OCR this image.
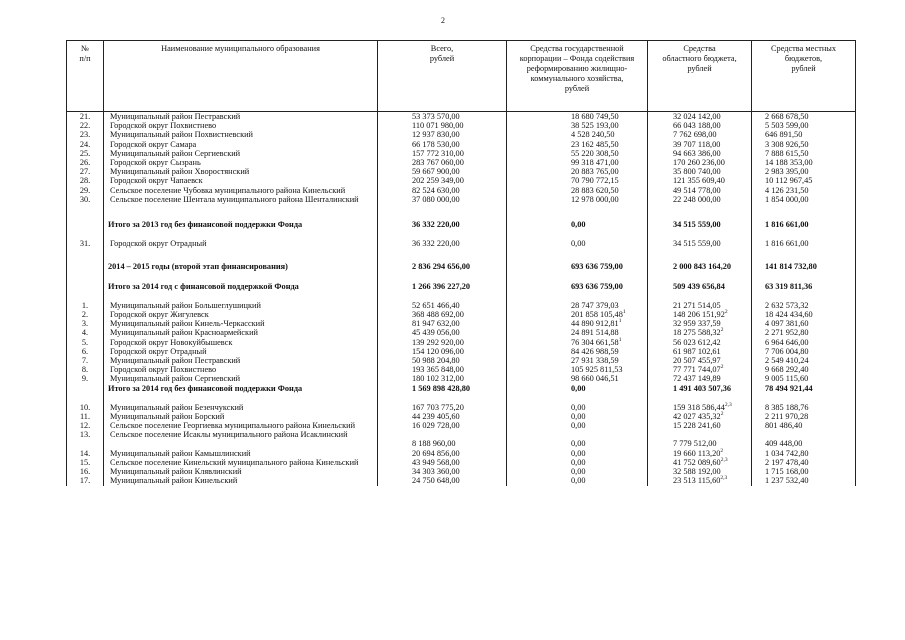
2
№
п/п	Наименование муниципального образования	Всего,
рублей	Средства государственной
корпорации – Фонда содействия
реформированию жилищно-
коммунального хозяйства,
рублей	Средства
областного бюджета,
рублей	Средства местных
бюджетов,
рублей
21.	Муниципальный район Пестравский	53 373 570,00	18 680 749,50	32 024 142,00	2 668 678,50
22.	Городской округ Похвистнево	110 071 980,00	38 525 193,00	66 043 188,00	5 503 599,00
23.	Муниципальный район Похвистневский	12 937 830,00	4 528 240,50	7 762 698,00	646 891,50
24.	Городской округ Самара	66 178 530,00	23 162 485,50	39 707 118,00	3 308 926,50
25.	Муниципальный район Сергиевский	157 772 310,00	55 220 308,50	94 663 386,00	7 888 615,50
26.	Городской округ Сызрань	283 767 060,00	99 318 471,00	170 260 236,00	14 188 353,00
27.	Муниципальный район Хворостянский	59 667 900,00	20 883 765,00	35 800 740,00	2 983 395,00
28.	Городской округ Чапаевск	202 259 349,00	70 790 772,15	121 355 609,40	10 112 967,45
29.	Сельское поселение Чубовка муниципального района Кинельский	82 524 630,00	28 883 620,50	49 514 778,00	4 126 231,50
30.	Сельское поселение Шентала муниципального района Шенталинский	37 080 000,00	12 978 000,00	22 248 000,00	1 854 000,00

	Итого за 2013 год без финансовой поддержки Фонда	36 332 220,00	0,00	34 515 559,00	1 816 661,00

31.	Городской округ Отрадный	36 332 220,00	0,00	34 515 559,00	1 816 661,00

	2014 – 2015 годы (второй этап финансирования)	2 836 294 656,00	693 636 759,00	2 000 843 164,20	141 814 732,80

	Итого за 2014 год с финансовой поддержкой Фонда	1 266 396 227,20	693 636 759,00	509 439 656,84	63 319 811,36

1.	Муниципальный район Большеглушицкий	52 651 466,40	28 747 379,03	21 271 514,05	2 632 573,32
2.	Городской округ Жигулевск	368 488 692,00	201 858 105,48$^1$	148 206 151,92$^2$	18 424 434,60
3.	Муниципальный район Кинель-Черкасский	81 947 632,00	44 890 912,81$^1$	32 959 337,59	4 097 381,60
4.	Муниципальный район Красноармейский	45 439 056,00	24 891 514,88	18 275 588,32$^2$	2 271 952,80
5.	Городской округ Новокуйбышевск	139 292 920,00	76 304 661,58$^1$	56 023 612,42	6 964 646,00
6.	Городской округ Отрадный	154 120 096,00	84 426 988,59	61 987 102,61	7 706 004,80
7.	Муниципальный район Пестравский	50 988 204,80	27 931 338,59	20 507 455,97	2 549 410,24
8.	Городской округ Похвистнево	193 365 848,00	105 925 811,53	77 771 744,07$^2$	9 668 292,40
9.	Муниципальный район Сергиевский	180 102 312,00	98 660 046,51	72 437 149,89	9 005 115,60
	Итого за 2014 год без финансовой поддержки Фонда	1 569 898 428,80	0,00	1 491 403 507,36	78 494 921,44

10.	Муниципальный район Безенчукский	167 703 775,20	0,00	159 318 586,44$^{2,3}$	8 385 188,76
11.	Муниципальный район Борский	44 239 405,60	0,00	42 027 435,32$^2$	2 211 970,28
12.	Сельское поселение Георгиевка муниципального района Кинельский	16 029 728,00	0,00	15 228 241,60	801 486,40
13.	Сельское поселение Исаклы муниципального района Исаклинский	8 188 960,00	0,00	7 779 512,00	409 448,00
14.	Муниципальный район Камышлинский	20 694 856,00	0,00	19 660 113,20$^2$	1 034 742,80
15.	Сельское поселение Кинельский муниципального района Кинельский	43 949 568,00	0,00	41 752 089,60$^{2,3}$	2 197 478,40
16.	Муниципальный район Клявлинский	34 303 360,00	0,00	32 588 192,00	1 715 168,00
17.	Муниципальный район Кинельский	24 750 648,00	0,00	23 513 115,60$^{2,3}$	1 237 532,40
